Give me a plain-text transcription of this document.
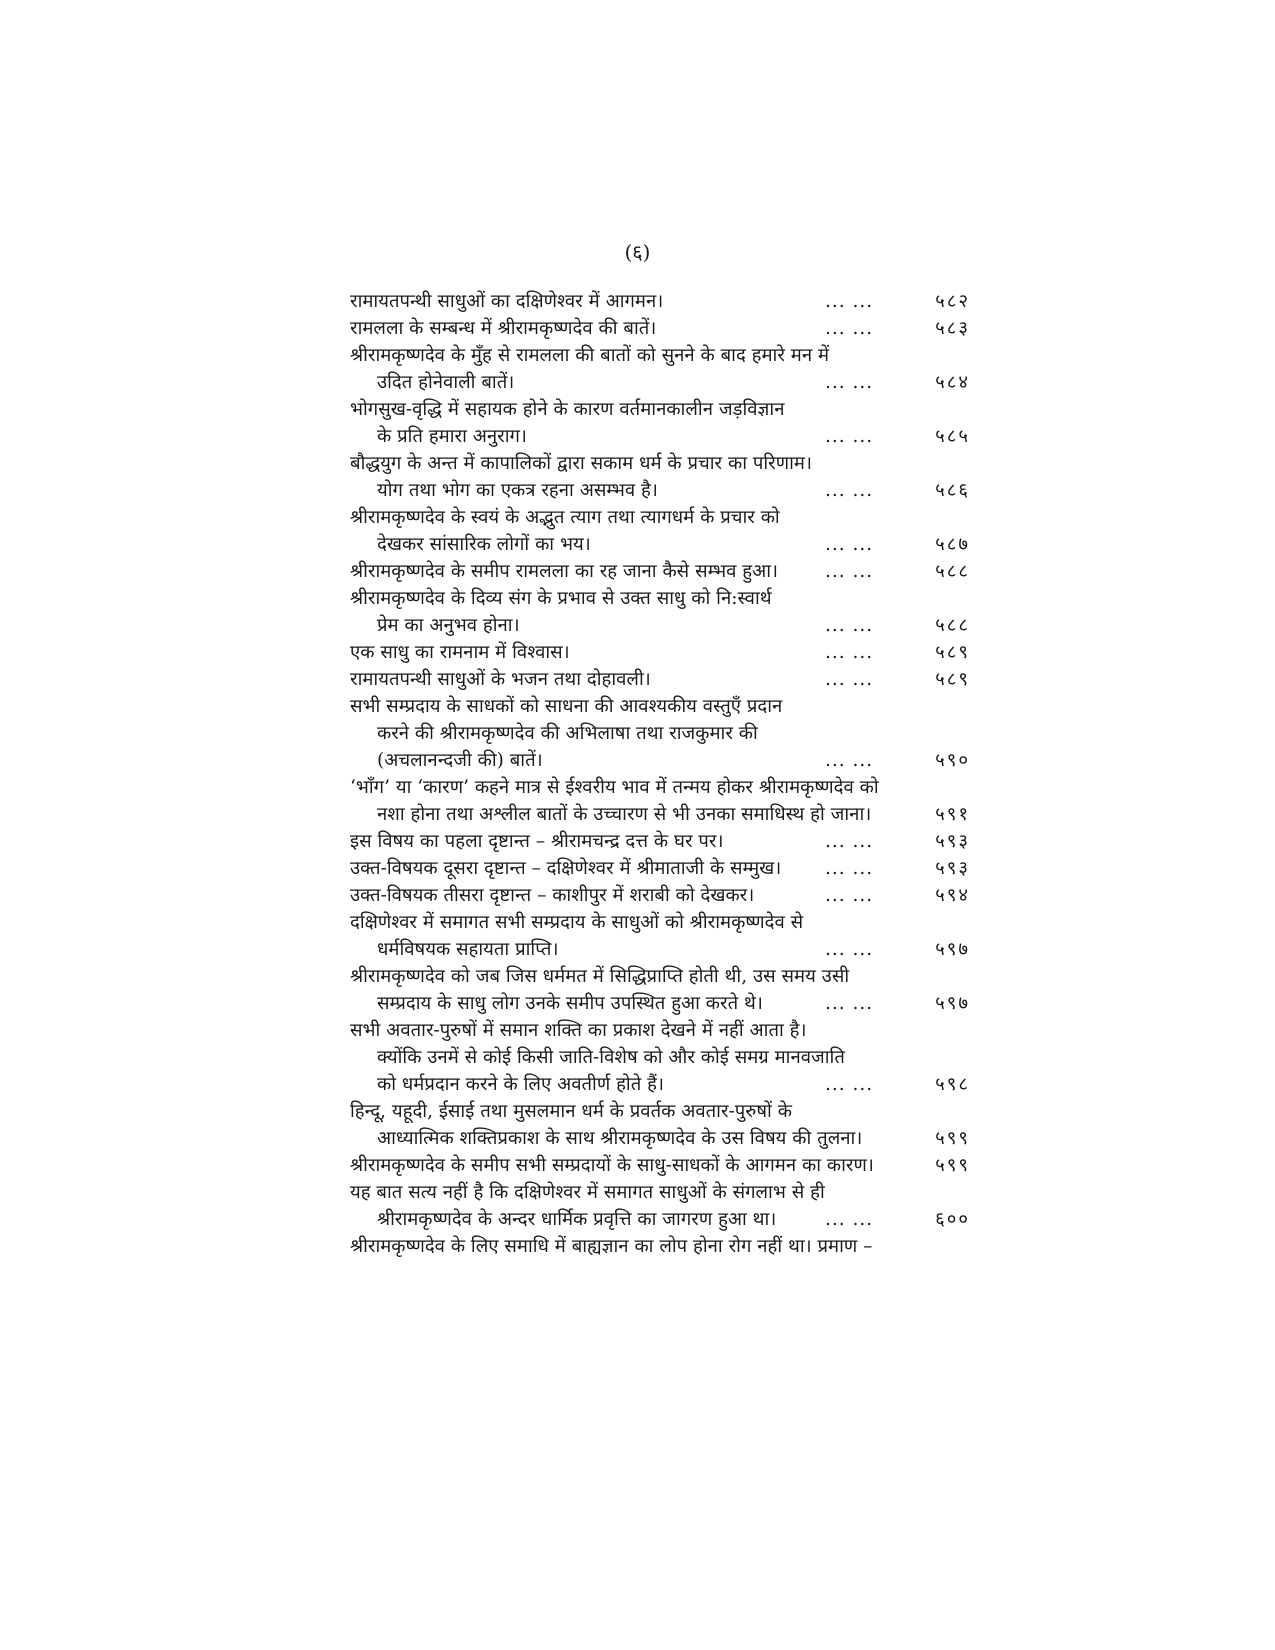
(६)
रामायतपन्थी साधुओं का दक्षिणेश्वर में आगमन।	... ...	५८२
रामलला के सम्बन्ध में श्रीरामकृष्णदेव की बातें।	... ...	५८३
श्रीरामकृष्णदेव के मुँह से रामलला की बातों को सुनने के बाद हमारे मन में
उदित होनेवाली बातें।	... ...	५८४
भोगसुख-वृद्धि में सहायक होने के कारण वर्तमानकालीन जड़विज्ञान
के प्रति हमारा अनुराग।	... ...	५८५
बौद्धयुग के अन्त में कापालिकों द्वारा सकाम धर्म के प्रचार का परिणाम।
योग तथा भोग का एकत्र रहना असम्भव है।	... ...	५८६
श्रीरामकृष्णदेव के स्वयं के अद्भुत त्याग तथा त्यागधर्म के प्रचार को
देखकर सांसारिक लोगों का भय।	... ...	५८७
श्रीरामकृष्णदेव के समीप रामलला का रह जाना कैसे सम्भव हुआ।	... ...	५८८
श्रीरामकृष्णदेव के दिव्य संग के प्रभाव से उक्त साधु को नि:स्वार्थ
प्रेम का अनुभव होना।	... ...	५८८
एक साधु का रामनाम में विश्वास।	... ...	५८९
रामायतपन्थी साधुओं के भजन तथा दोहावली।	... ...	५८९
सभी सम्प्रदाय के साधकों को साधना की आवश्यकीय वस्तुएँ प्रदान
करने की श्रीरामकृष्णदेव की अभिलाषा तथा राजकुमार की
(अचलानन्दजी की) बातें।	... ...	५९०
‘भाँग’ या ‘कारण’ कहने मात्र से ईश्वरीय भाव में तन्मय होकर श्रीरामकृष्णदेव को
नशा होना तथा अश्लील बातों के उच्चारण से भी उनका समाधिस्थ हो जाना।	५९१
इस विषय का पहला दृष्टान्त – श्रीरामचन्द्र दत्त के घर पर।	... ...	५९३
उक्त-विषयक दूसरा दृष्टान्त – दक्षिणेश्वर में श्रीमाताजी के सम्मुख। ... ...	५९३
उक्त-विषयक तीसरा दृष्टान्त – काशीपुर में शराबी को देखकर।	... ...	५९४
दक्षिणेश्वर में समागत सभी सम्प्रदाय के साधुओं को श्रीरामकृष्णदेव से
धर्मविषयक सहायता प्राप्ति।	... ...	५९७
श्रीरामकृष्णदेव को जब जिस धर्ममत में सिद्धिप्राप्ति होती थी, उस समय उसी
सम्प्रदाय के साधु लोग उनके समीप उपस्थित हुआ करते थे।	... ...	५९७
सभी अवतार-पुरुषों में समान शक्ति का प्रकाश देखने में नहीं आता है।
क्योंकि उनमें से कोई किसी जाति-विशेष को और कोई समग्र मानवजाति
को धर्मप्रदान करने के लिए अवतीर्ण होते हैं।	... ...	५९८
हिन्दू, यहूदी, ईसाई तथा मुसलमान धर्म के प्रवर्तक अवतार-पुरुषों के
आध्यात्मिक शक्तिप्रकाश के साथ श्रीरामकृष्णदेव के उस विषय की तुलना।	५९९
श्रीरामकृष्णदेव के समीप सभी सम्प्रदायों के साधु-साधकों के आगमन का कारण।	५९९
यह बात सत्य नहीं है कि दक्षिणेश्वर में समागत साधुओं के संगलाभ से ही
श्रीरामकृष्णदेव के अन्दर धार्मिक प्रवृत्ति का जागरण हुआ था।	... ...	६००
श्रीरामकृष्णदेव के लिए समाधि में बाह्यज्ञान का लोप होना रोग नहीं था। प्रमाण –
